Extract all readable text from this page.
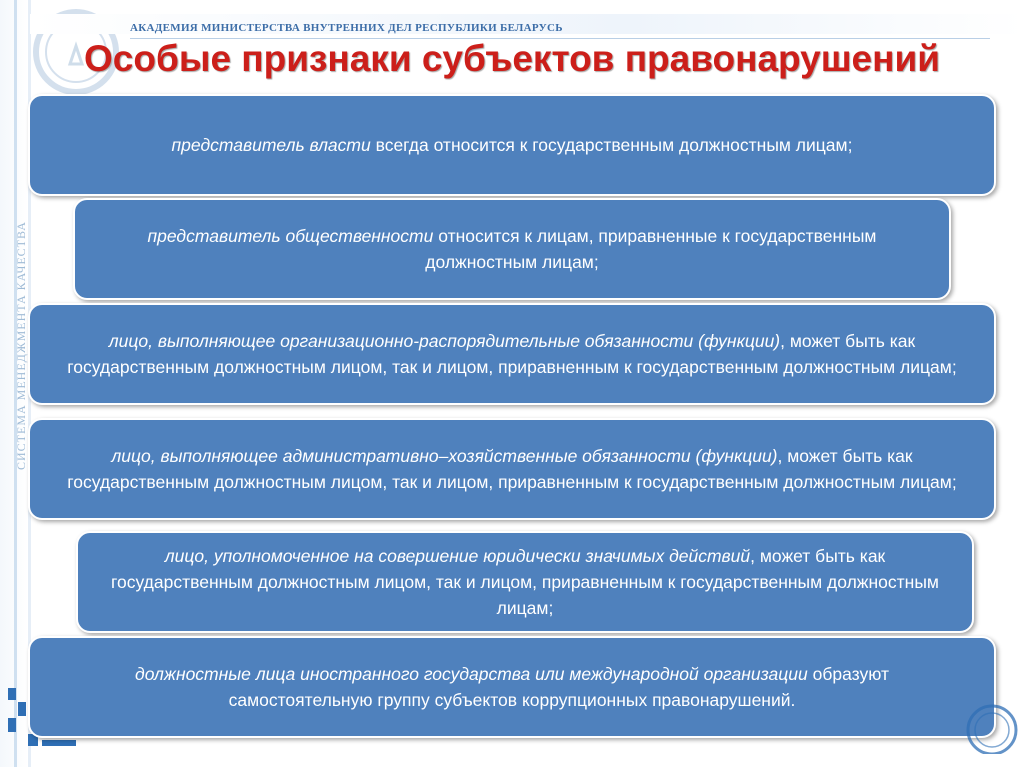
СИСТЕМА МЕНЕДЖМЕНТА КАЧЕСТВА
АКАДЕМИЯ МИНИСТЕРСТВА ВНУТРЕННИХ ДЕЛ РЕСПУБЛИКИ БЕЛАРУСЬ
Особые признаки субъектов правонарушений
представитель власти всегда относится к государственным должностным лицам;
представитель общественности относится к лицам, приравненные к государственным должностным лицам;
лицо, выполняющее организационно-распорядительные обязанности (функции), может быть как государственным должностным лицом, так и лицом, приравненным к государственным должностным лицам;
лицо, выполняющее административно–хозяйственные обязанности (функции), может быть как государственным должностным лицом, так и лицом, приравненным к государственным должностным лицам;
лицо, уполномоченное на совершение юридически значимых действий, может быть как государственным должностным лицом, так и лицом, приравненным к государственным должностным лицам;
должностные лица иностранного государства или международной организации образуют самостоятельную группу субъектов коррупционных правонарушений.
